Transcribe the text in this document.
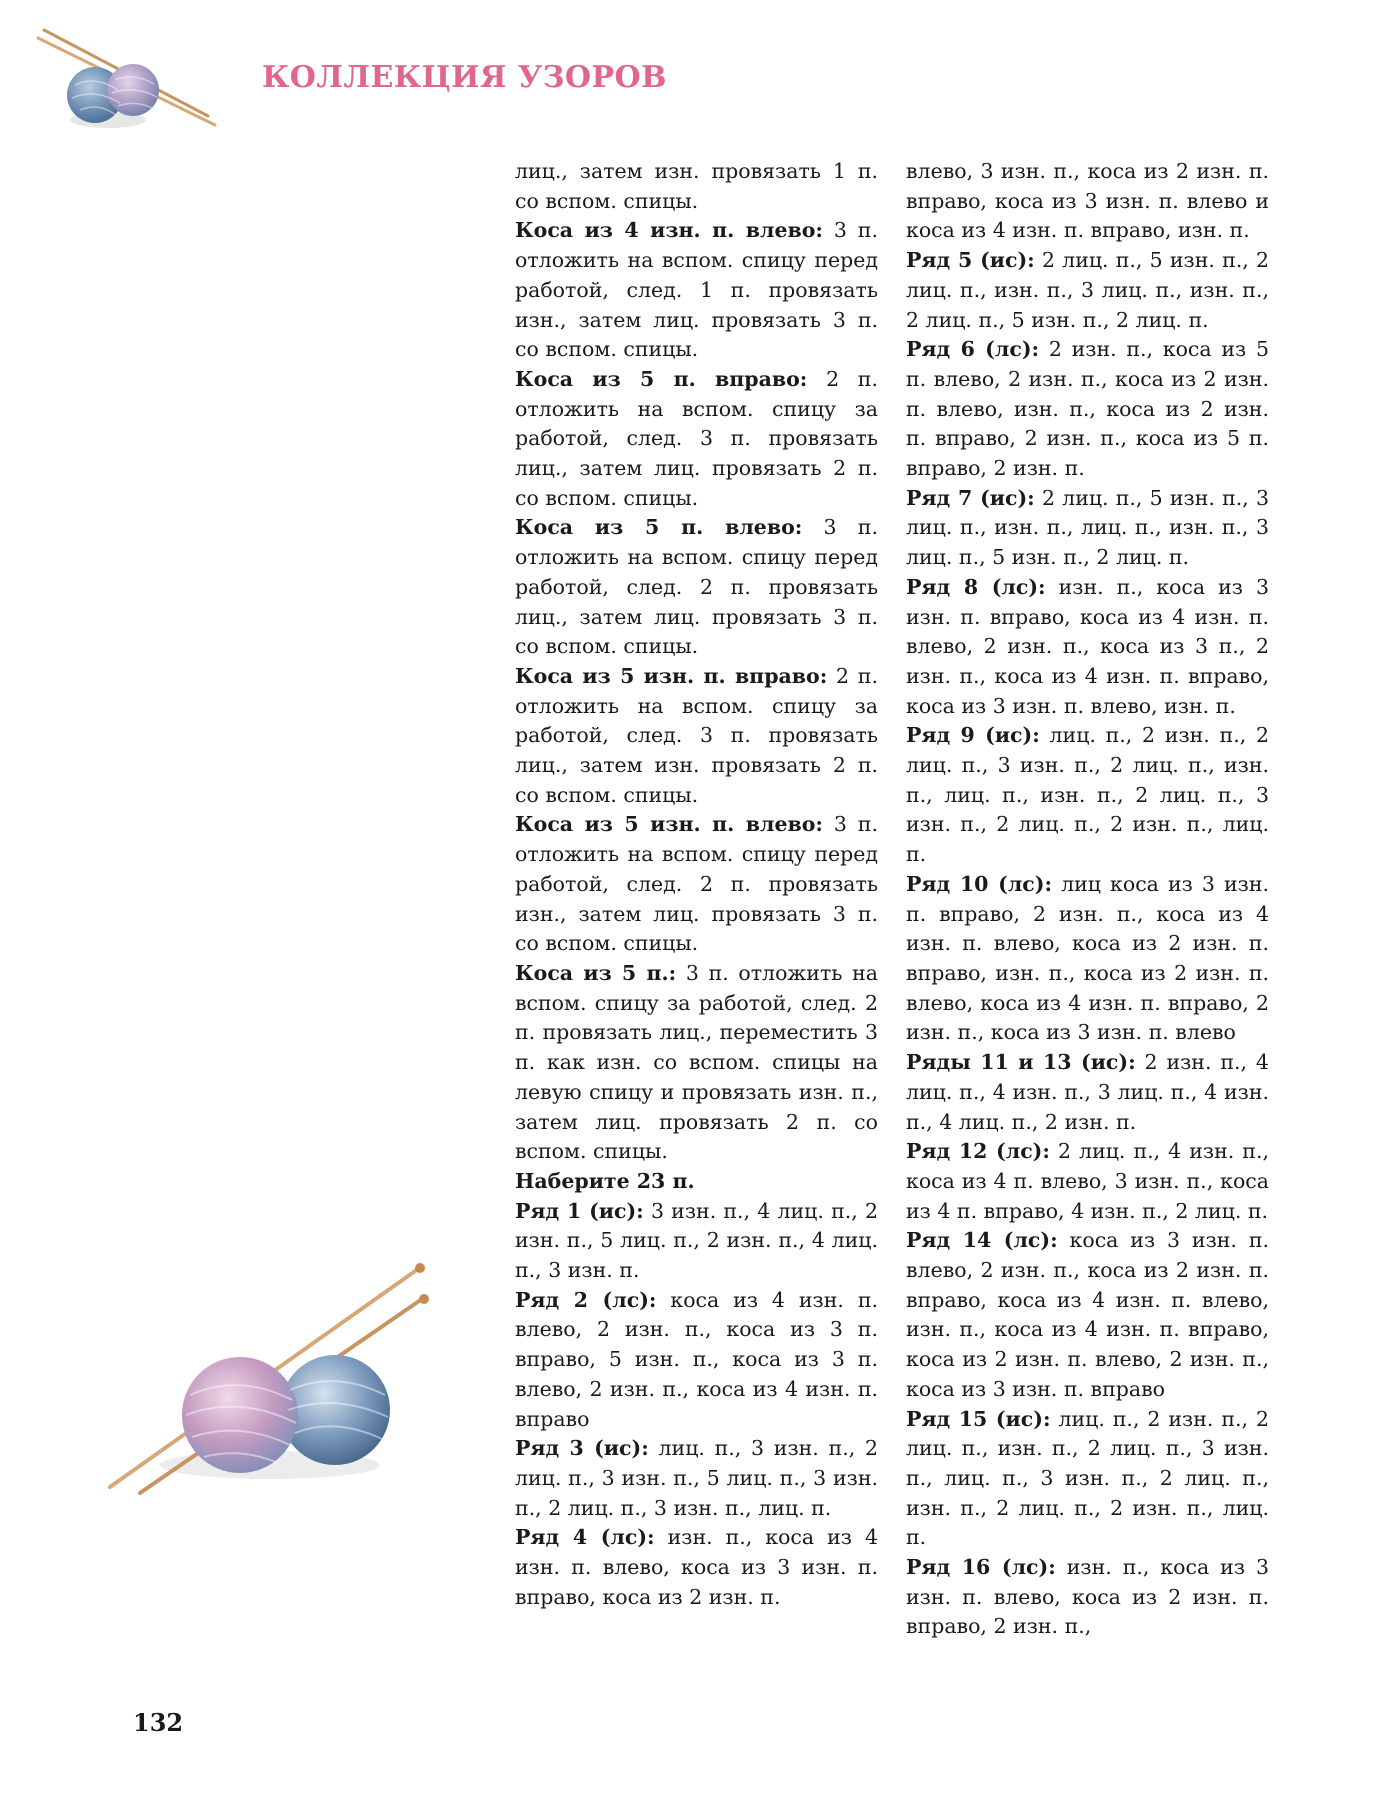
КОЛЛЕКЦИЯ УЗОРОВ

лиц., затем изн. провязать 1 п. со вспом. спицы.

Коса из 4 изн. п. влево: 3 п. отложить на вспом. спицу перед работой, след. 1 п. провязать изн., затем лиц. провязать 3 п. со вспом. спицы.

Коса из 5 п. вправо: 2 п. отложить на вспом. спицу за работой, след. 3 п. провязать лиц., затем лиц. провязать 2 п. со вспом. спицы.

Коса из 5 п. влево: 3 п. отложить на вспом. спицу перед работой, след. 2 п. провязать лиц., затем лиц. провязать 3 п. со вспом. спицы.

Коса из 5 изн. п. вправо: 2 п. отложить на вспом. спицу за работой, след. 3 п. провязать лиц., затем изн. провязать 2 п. со вспом. спицы.

Коса из 5 изн. п. влево: 3 п. отложить на вспом. спицу перед работой, след. 2 п. провязать изн., затем лиц. провязать 3 п. со вспом. спицы.

Коса из 5 п.: 3 п. отложить на вспом. спицу за работой, след. 2 п. провязать лиц., переместить 3 п. как изн. со вспом. спицы на левую спицу и провязать изн. п., затем лиц. провязать 2 п. со вспом. спицы.

Наберите 23 п.

Ряд 1 (ис): 3 изн. п., 4 лиц. п., 2 изн. п., 5 лиц. п., 2 изн. п., 4 лиц. п., 3 изн. п.

Ряд 2 (лс): коса из 4 изн. п. влево, 2 изн. п., коса из 3 п. вправо, 5 изн. п., коса из 3 п. влево, 2 изн. п., коса из 4 изн. п. вправо

Ряд 3 (ис): лиц. п., 3 изн. п., 2 лиц. п., 3 изн. п., 5 лиц. п., 3 изн. п., 2 лиц. п., 3 изн. п., лиц. п.

Ряд 4 (лс): изн. п., коса из 4 изн. п. влево, коса из 3 изн. п. вправо, коса из 2 изн. п.

влево, 3 изн. п., коса из 2 изн. п. вправо, коса из 3 изн. п. влево и коса из 4 изн. п. вправо, изн. п.

Ряд 5 (ис): 2 лиц. п., 5 изн. п., 2 лиц. п., изн. п., 3 лиц. п., изн. п., 2 лиц. п., 5 изн. п., 2 лиц. п.

Ряд 6 (лс): 2 изн. п., коса из 5 п. влево, 2 изн. п., коса из 2 изн. п. влево, изн. п., коса из 2 изн. п. вправо, 2 изн. п., коса из 5 п. вправо, 2 изн. п.

Ряд 7 (ис): 2 лиц. п., 5 изн. п., 3 лиц. п., изн. п., лиц. п., изн. п., 3 лиц. п., 5 изн. п., 2 лиц. п.

Ряд 8 (лс): изн. п., коса из 3 изн. п. вправо, коса из 4 изн. п. влево, 2 изн. п., коса из 3 п., 2 изн. п., коса из 4 изн. п. вправо, коса из 3 изн. п. влево, изн. п.

Ряд 9 (ис): лиц. п., 2 изн. п., 2 лиц. п., 3 изн. п., 2 лиц. п., изн. п., лиц. п., изн. п., 2 лиц. п., 3 изн. п., 2 лиц. п., 2 изн. п., лиц. п.

Ряд 10 (лс): лиц коса из 3 изн. п. вправо, 2 изн. п., коса из 4 изн. п. влево, коса из 2 изн. п. вправо, изн. п., коса из 2 изн. п. влево, коса из 4 изн. п. вправо, 2 изн. п., коса из 3 изн. п. влево

Ряды 11 и 13 (ис): 2 изн. п., 4 лиц. п., 4 изн. п., 3 лиц. п., 4 изн. п., 4 лиц. п., 2 изн. п.

Ряд 12 (лс): 2 лиц. п., 4 изн. п., коса из 4 п. влево, 3 изн. п., коса из 4 п. вправо, 4 изн. п., 2 лиц. п.

Ряд 14 (лс): коса из 3 изн. п. влево, 2 изн. п., коса из 2 изн. п. вправо, коса из 4 изн. п. влево, изн. п., коса из 4 изн. п. вправо, коса из 2 изн. п. влево, 2 изн. п., коса из 3 изн. п. вправо

Ряд 15 (ис): лиц. п., 2 изн. п., 2 лиц. п., изн. п., 2 лиц. п., 3 изн. п., лиц. п., 3 изн. п., 2 лиц. п., изн. п., 2 лиц. п., 2 изн. п., лиц. п.

Ряд 16 (лс): изн. п., коса из 3 изн. п. влево, коса из 2 изн. п. вправо, 2 изн. п.,

132
